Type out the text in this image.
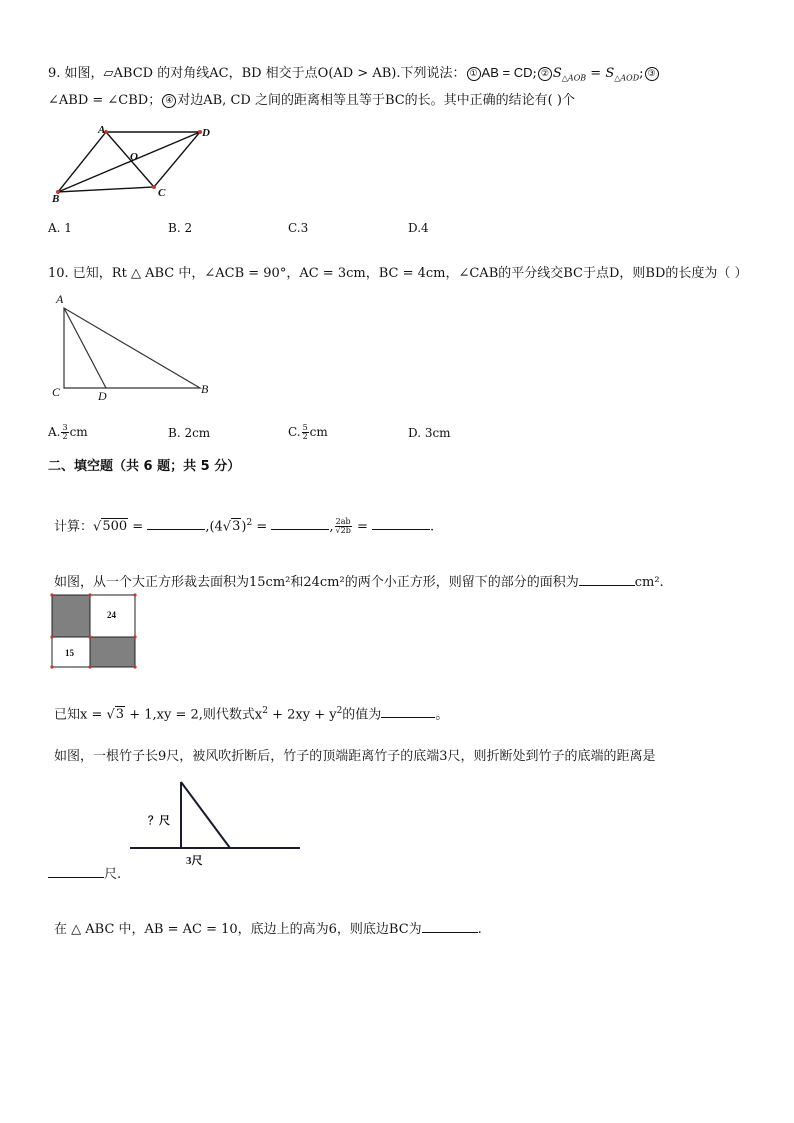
9. 如图，▱ABCD 的对角线AC，BD 相交于点O(AD > AB).下列说法： ① AB = CD; ② $S_{\triangle AOB} = S_{\triangle AOD}$; ③
∠ABD = ∠CBD； ④ 对边AB, CD 之间的距离相等且等于BC的长。其中正确的结论有( )个
A	D
C
B
O
A. 1	B. 2	C.3	D.4
10. 已知，Rt △ ABC 中，∠ACB = 90°，AC = 3cm，BC = 4cm，∠CAB的平分线交BC于点D，则BD的长度为（ ）
A
C	D	B
A. $\frac{3}{2}$ cm	B. 2cm	C. $\frac{5}{2}$ cm	D. 3cm
二、填空题（共 6 题；共 5 分）
计算：√500 =	$,(4√3)^2$ =	, $\frac{2ab}{√2b}$ =	.
如图，从一个大正方形裁去面积为15cm²和24cm²的两个小正方形，则留下的部分的面积为	cm².
24
15
已知x = √3 + 1,xy = 2,则代数式$x^2 + 2xy + y^2$的值为	。
如图，一根竹子长9尺，被风吹折断后，竹子的顶端距离竹子的底端3尺，则折断处到竹子的底端的距离是
？尺
3尺
尺.
在 △ ABC 中，AB = AC = 10，底边上的高为6，则底边BC为	.
